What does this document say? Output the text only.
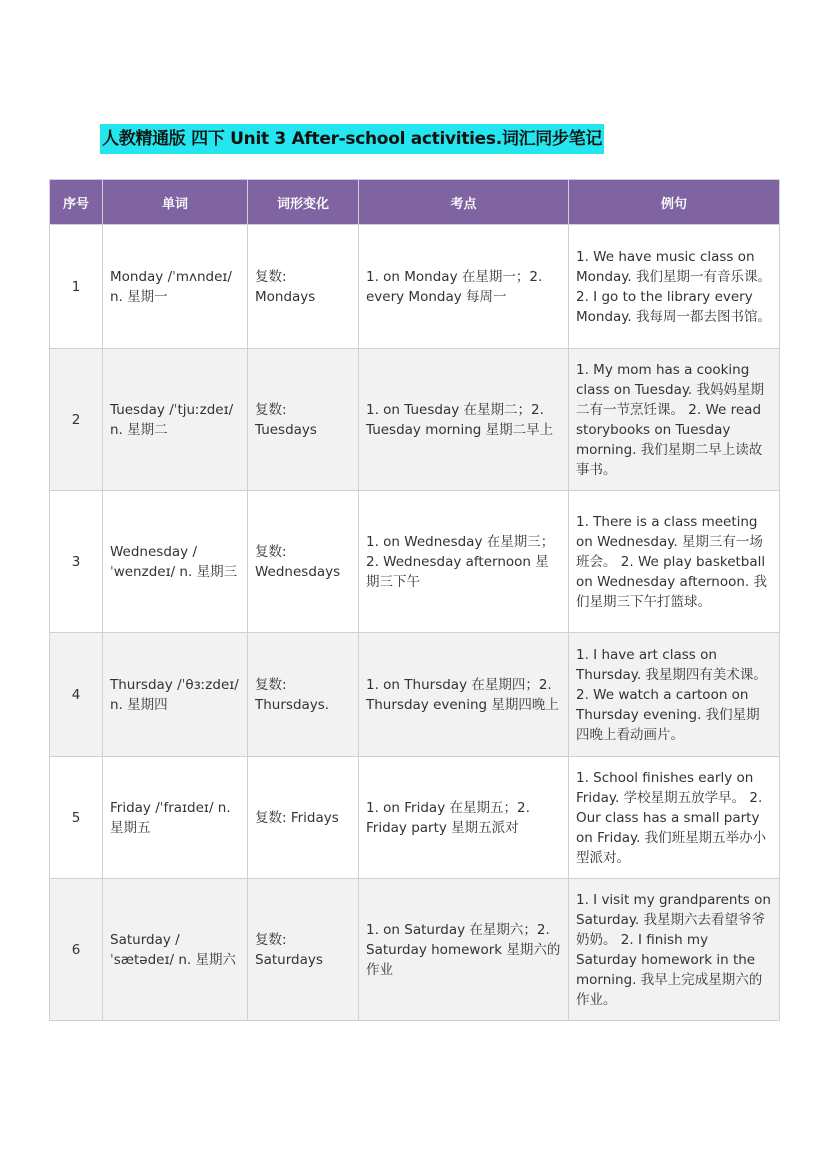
人教精通版 四下 Unit 3 After-school activities.词汇同步笔记
序号	单词	词形变化	考点	例句
1	Monday /ˈmʌndeɪ/ n. 星期一	复数: Mondays	1. on Monday 在星期一；2. every Monday 每周一	1. We have music class on Monday. 我们星期一有音乐课。 2. I go to the library every Monday. 我每周一都去图书馆。
2	Tuesday /ˈtjuːzdeɪ/ n. 星期二	复数: Tuesdays	1. on Tuesday 在星期二；2. Tuesday morning 星期二早上	1. My mom has a cooking class on Tuesday. 我妈妈星期二有一节烹饪课。 2. We read storybooks on Tuesday morning. 我们星期二早上读故事书。
3	Wednesday /ˈwenzdeɪ/ n. 星期三	复数: Wednesdays	1. on Wednesday 在星期三；2. Wednesday afternoon 星期三下午	1. There is a class meeting on Wednesday. 星期三有一场班会。 2. We play basketball on Wednesday afternoon. 我们星期三下午打篮球。
4	Thursday /ˈθɜːzdeɪ/ n. 星期四	复数: Thursdays.	1. on Thursday 在星期四；2. Thursday evening 星期四晚上	1. I have art class on Thursday. 我星期四有美术课。 2. We watch a cartoon on Thursday evening. 我们星期四晚上看动画片。
5	Friday /ˈfraɪdeɪ/ n. 星期五	复数: Fridays	1. on Friday 在星期五；2. Friday party 星期五派对	1. School finishes early on Friday. 学校星期五放学早。 2. Our class has a small party on Friday. 我们班星期五举办小型派对。
6	Saturday /ˈsætədeɪ/ n. 星期六	复数: Saturdays	1. on Saturday 在星期六；2. Saturday homework 星期六的作业	1. I visit my grandparents on Saturday. 我星期六去看望爷爷奶奶。 2. I finish my Saturday homework in the morning. 我早上完成星期六的作业。
